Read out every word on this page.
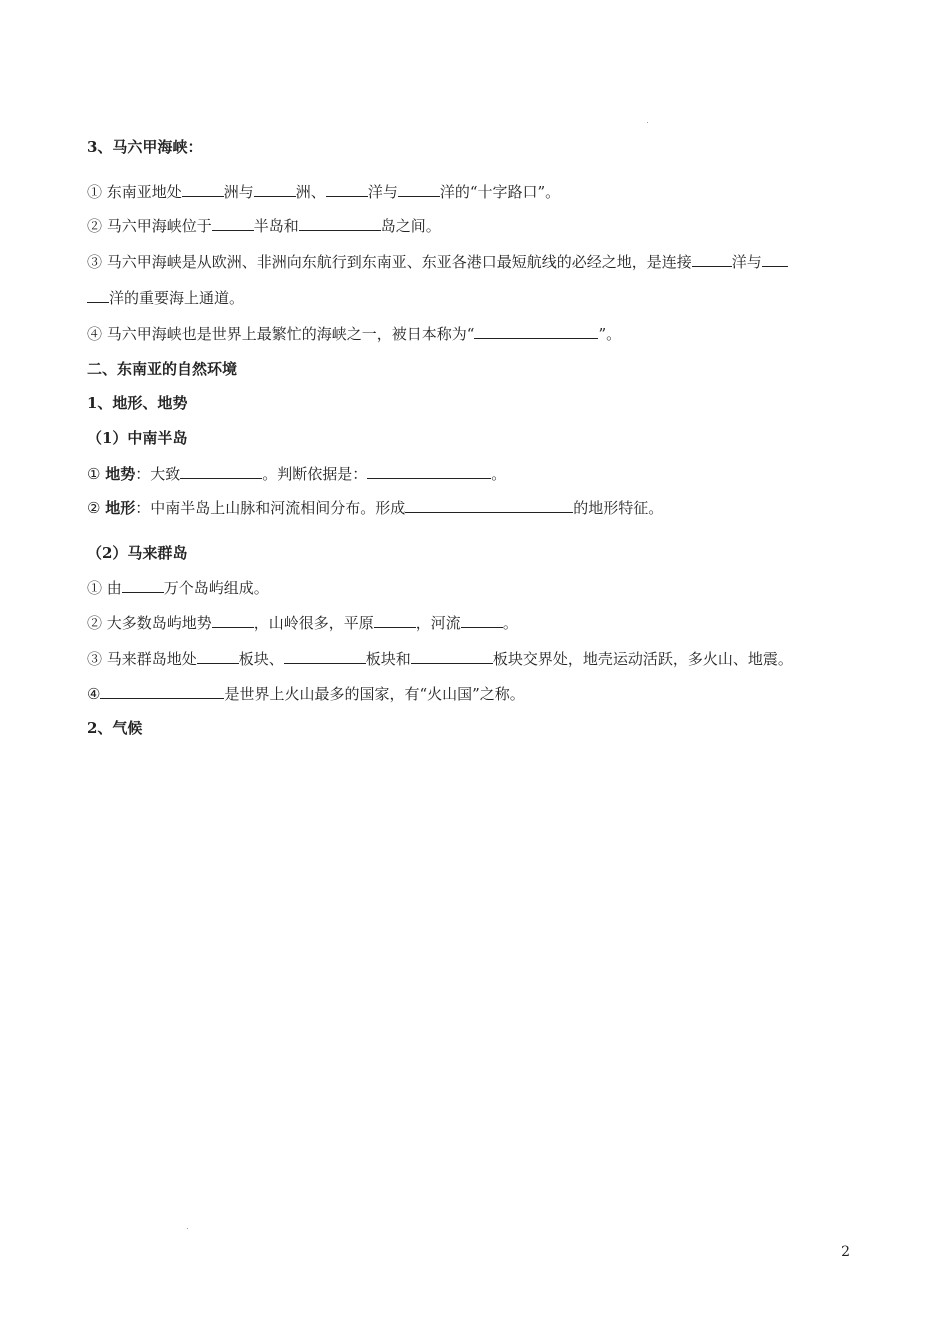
3、马六甲海峡：
① 东南亚地处	洲与	洲、	洋与	洋的“十字路口”。
② 马六甲海峡位于	半岛和	岛之间。
③ 马六甲海峡是从欧洲、非洲向东航行到东南亚、东亚各港口最短航线的必经之地，是连接	洋与
洋的重要海上通道。
④ 马六甲海峡也是世界上最繁忙的海峡之一，被日本称为“	”。
二、东南亚的自然环境
1、地形、地势
（1）中南半岛
① 地势：大致	。判断依据是：	。
② 地形：中南半岛上山脉和河流相间分布。形成	的地形特征。
（2）马来群岛
① 由	万个岛屿组成。
② 大多数岛屿地势	，山岭很多，平原	，河流	。
③ 马来群岛地处	板块、	板块和	板块交界处，地壳运动活跃，多火山、地震。
④	是世界上火山最多的国家，有“火山国”之称。
2、气候
2
